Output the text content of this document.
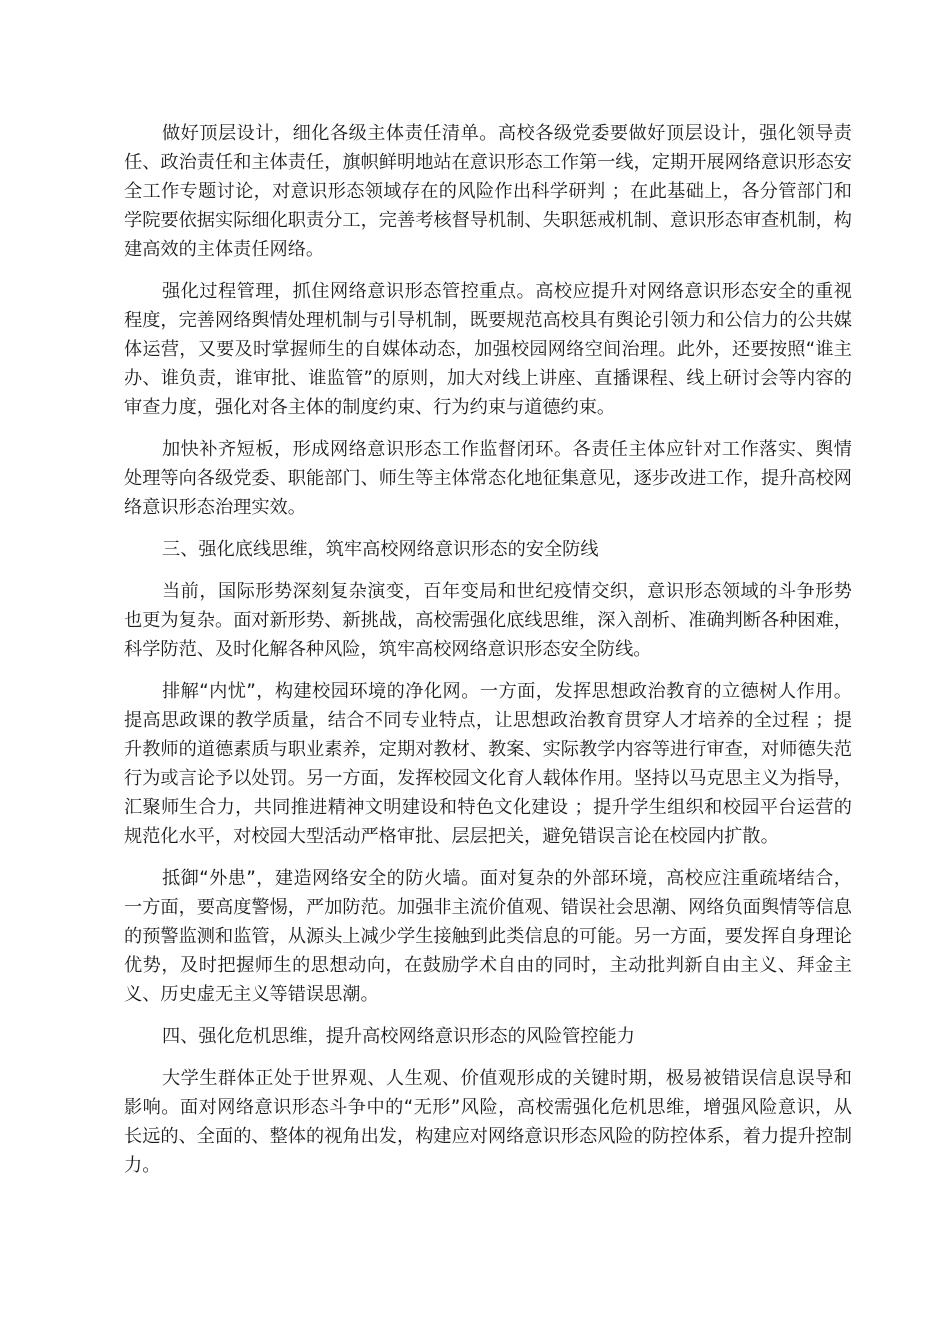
做好顶层设计，细化各级主体责任清单。高校各级党委要做好顶层设计，强化领导责任、政治责任和主体责任，旗帜鲜明地站在意识形态工作第一线，定期开展网络意识形态安全工作专题讨论，对意识形态领域存在的风险作出科学研判 ；在此基础上，各分管部门和学院要依据实际细化职责分工，完善考核督导机制、失职惩戒机制、意识形态审查机制，构建高效的主体责任网络。

强化过程管理，抓住网络意识形态管控重点。高校应提升对网络意识形态安全的重视程度，完善网络舆情处理机制与引导机制，既要规范高校具有舆论引领力和公信力的公共媒体运营，又要及时掌握师生的自媒体动态，加强校园网络空间治理。此外，还要按照“谁主办、谁负责，谁审批、谁监管”的原则，加大对线上讲座、直播课程、线上研讨会等内容的审查力度，强化对各主体的制度约束、行为约束与道德约束。

加快补齐短板，形成网络意识形态工作监督闭环。各责任主体应针对工作落实、舆情处理等向各级党委、职能部门、师生等主体常态化地征集意见，逐步改进工作，提升高校网络意识形态治理实效。

三、强化底线思维，筑牢高校网络意识形态的安全防线

当前，国际形势深刻复杂演变，百年变局和世纪疫情交织，意识形态领域的斗争形势也更为复杂。面对新形势、新挑战，高校需强化底线思维，深入剖析、准确判断各种困难，科学防范、及时化解各种风险，筑牢高校网络意识形态安全防线。

排解“内忧”，构建校园环境的净化网。一方面，发挥思想政治教育的立德树人作用。提高思政课的教学质量，结合不同专业特点，让思想政治教育贯穿人才培养的全过程 ；提升教师的道德素质与职业素养，定期对教材、教案、实际教学内容等进行审查，对师德失范行为或言论予以处罚。另一方面，发挥校园文化育人载体作用。坚持以马克思主义为指导，汇聚师生合力，共同推进精神文明建设和特色文化建设 ；提升学生组织和校园平台运营的规范化水平，对校园大型活动严格审批、层层把关，避免错误言论在校园内扩散。

抵御“外患”，建造网络安全的防火墙。面对复杂的外部环境，高校应注重疏堵结合，一方面，要高度警惕，严加防范。加强非主流价值观、错误社会思潮、网络负面舆情等信息的预警监测和监管，从源头上减少学生接触到此类信息的可能。另一方面，要发挥自身理论优势，及时把握师生的思想动向，在鼓励学术自由的同时，主动批判新自由主义、拜金主义、历史虚无主义等错误思潮。

四、强化危机思维，提升高校网络意识形态的风险管控能力

大学生群体正处于世界观、人生观、价值观形成的关键时期，极易被错误信息误导和影响。面对网络意识形态斗争中的“无形”风险，高校需强化危机思维，增强风险意识，从长远的、全面的、整体的视角出发，构建应对网络意识形态风险的防控体系，着力提升控制力。
